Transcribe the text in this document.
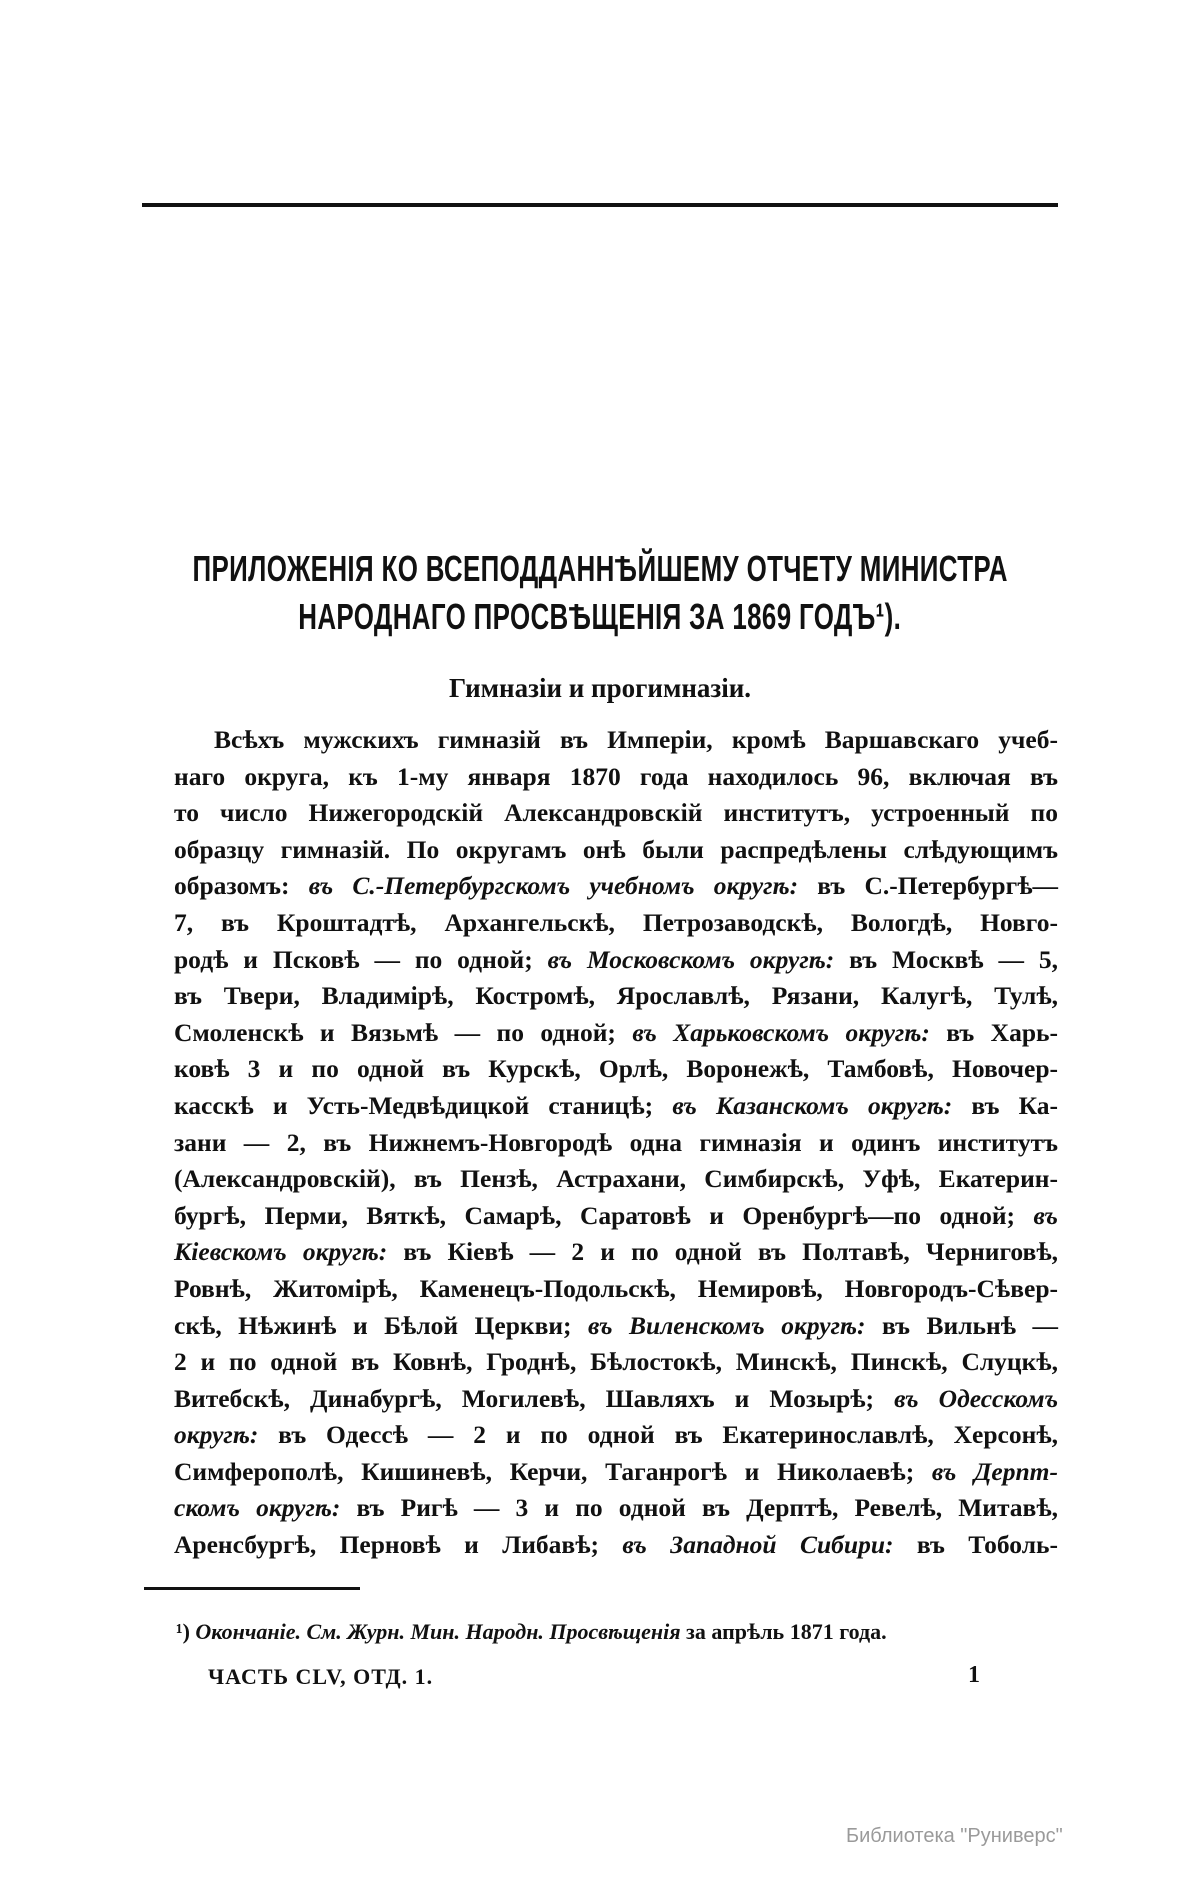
ПРИЛОЖЕНІЯ КО ВСЕПОДДАННѢЙШЕМУ ОТЧЕТУ МИНИСТРА
НАРОДНАГО ПРОСВѢЩЕНІЯ ЗА 1869 ГОДЪ¹).
Гимназіи и прогимназіи.
Всѣхъ мужскихъ гимназій въ Имперіи, кромѣ Варшавскаго учеб-
наго округа, къ 1-му января 1870 года находилось 96, включая въ
то число Нижегородскій Александровскій институтъ, устроенный по
образцу гимназій. По округамъ онѣ были распредѣлены слѣдующимъ
образомъ: въ С.-Петербургскомъ учебномъ округѣ: въ С.-Петербургѣ—
7, въ Кроштадтѣ, Архангельскѣ, Петрозаводскѣ, Вологдѣ, Новго-
родѣ и Псковѣ — по одной; въ Московскомъ округѣ: въ Москвѣ — 5,
въ Твери, Владимірѣ, Костромѣ, Ярославлѣ, Рязани, Калугѣ, Тулѣ,
Смоленскѣ и Вязьмѣ — по одной; въ Харьковскомъ округѣ: въ Харь-
ковѣ 3 и по одной въ Курскѣ, Орлѣ, Воронежѣ, Тамбовѣ, Новочер-
касскѣ и Усть-Медвѣдицкой станицѣ; въ Казанскомъ округѣ: въ Ка-
зани — 2, въ Нижнемъ-Новгородѣ одна гимназія и одинъ институтъ
(Александровскій), въ Пензѣ, Астрахани, Симбирскѣ, Уфѣ, Екатерин-
бургѣ, Перми, Вяткѣ, Самарѣ, Саратовѣ и Оренбургѣ—по одной; въ
Кіевскомъ округѣ: въ Кіевѣ — 2 и по одной въ Полтавѣ, Черниговѣ,
Ровнѣ, Житомірѣ, Каменецъ-Подольскѣ, Немировѣ, Новгородъ-Сѣвер-
скѣ, Нѣжинѣ и Бѣлой Церкви; въ Виленскомъ округѣ: въ Вильнѣ —
2 и по одной въ Ковнѣ, Гроднѣ, Бѣлостокѣ, Минскѣ, Пинскѣ, Слуцкѣ,
Витебскѣ, Динабургѣ, Могилевѣ, Шавляхъ и Мозырѣ; въ Одесскомъ
округѣ: въ Одессѣ — 2 и по одной въ Екатеринославлѣ, Херсонѣ,
Симферополѣ, Кишиневѣ, Керчи, Таганрогѣ и Николаевѣ; въ Дерпт-
скомъ округѣ: въ Ригѣ — 3 и по одной въ Дерптѣ, Ревелѣ, Митавѣ,
Аренсбургѣ, Перновѣ и Либавѣ; въ Западной Сибири: въ Тоболь-
¹) Окончаніе. См. Журн. Мин. Народн. Просвѣщенія за апрѣль 1871 года.
ЧАСТЬ CLV, ОТД. 1.	1
Библиотека "Руниверс"
